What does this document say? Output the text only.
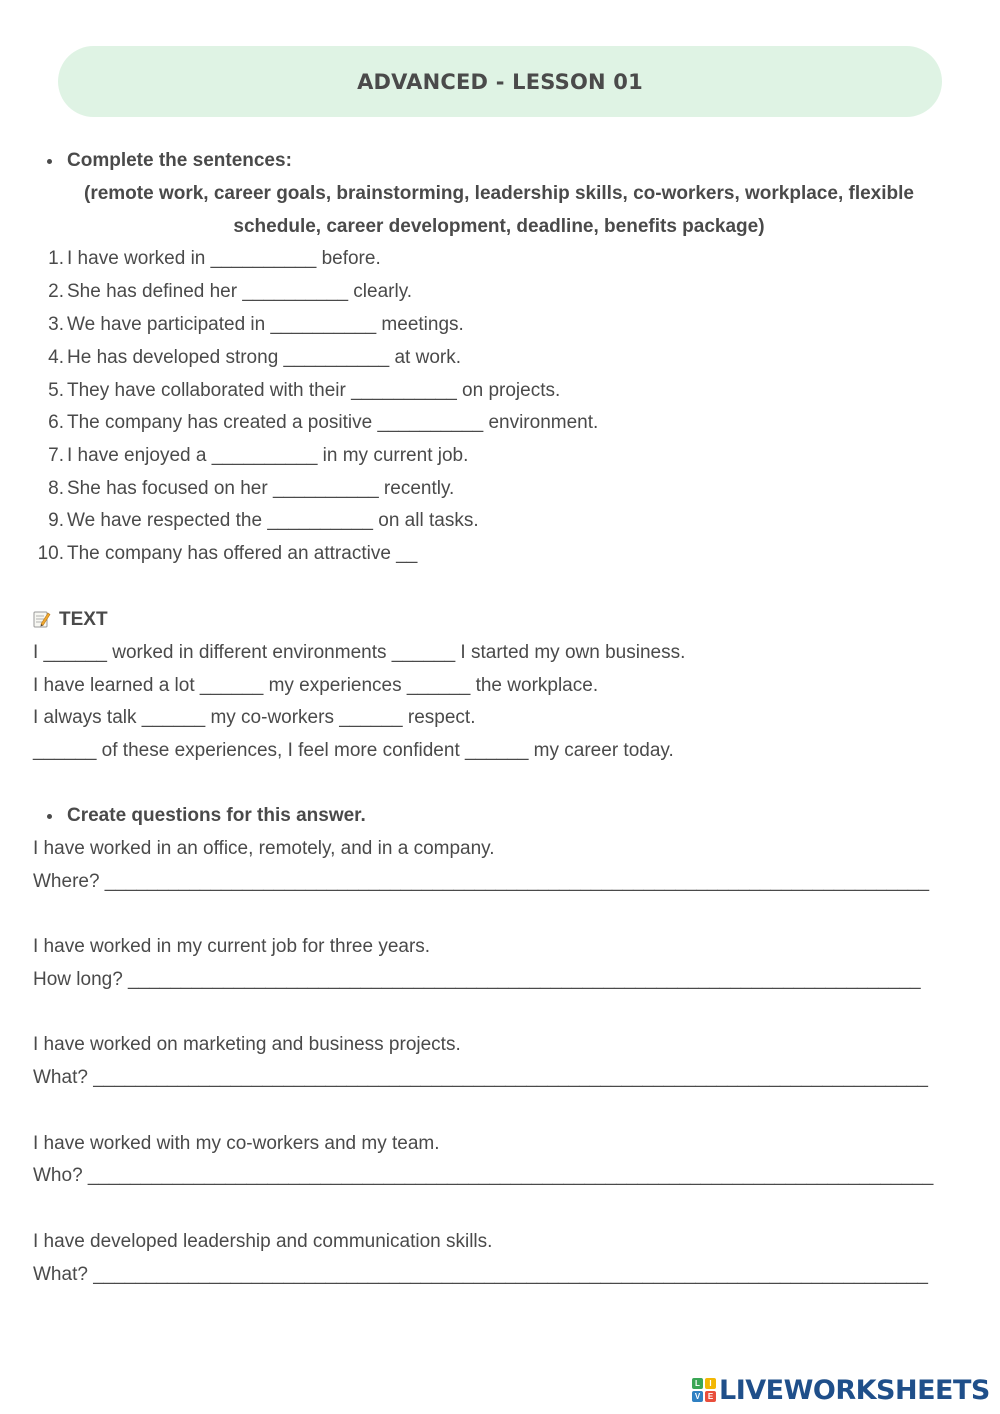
ADVANCED - LESSON 01
Complete the sentences:
(remote work, career goals, brainstorming, leadership skills, co-workers, workplace, flexible
schedule, career development, deadline, benefits package)
1. I have worked in __________ before.
2. She has defined her __________ clearly.
3. We have participated in __________ meetings.
4. He has developed strong __________ at work.
5. They have collaborated with their __________ on projects.
6. The company has created a positive __________ environment.
7. I have enjoyed a __________ in my current job.
8. She has focused on her __________ recently.
9. We have respected the __________ on all tasks.
10. The company has offered an attractive __
TEXT
I ______ worked in different environments ______ I started my own business.
I have learned a lot ______ my experiences ______ the workplace.
I always talk ______ my co-workers ______ respect.
______ of these experiences, I feel more confident ______ my career today.
Create questions for this answer.
I have worked in an office, remotely, and in a company.
Where? ______________________________________________________________________________
I have worked in my current job for three years.
How long? ___________________________________________________________________________
I have worked on marketing and business projects.
What? _______________________________________________________________________________
I have worked with my co-workers and my team.
Who? ________________________________________________________________________________
I have developed leadership and communication skills.
What? _______________________________________________________________________________
L	I
V E LIVEWORKSHEETS
